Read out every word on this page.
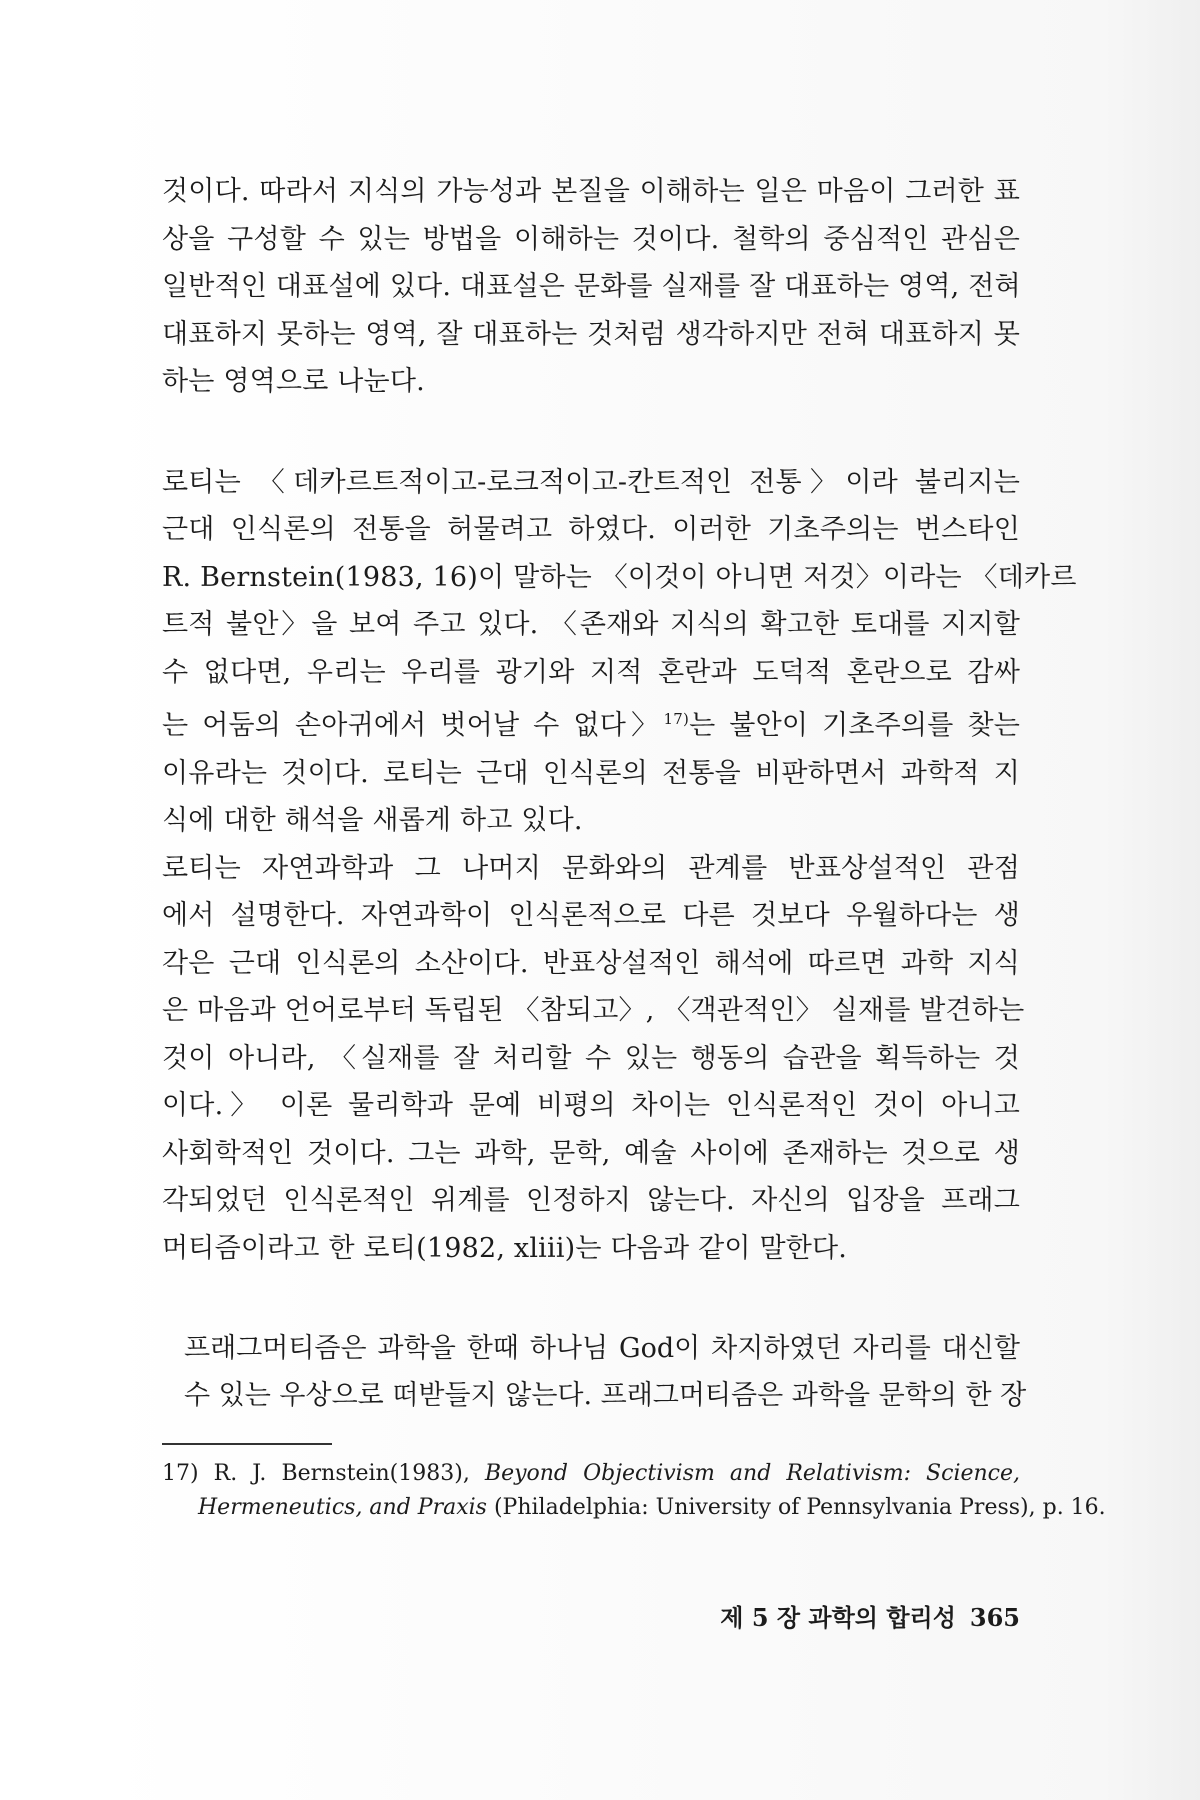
것이다. 따라서 지식의 가능성과 본질을 이해하는 일은 마음이 그러한 표

상을 구성할 수 있는 방법을 이해하는 것이다. 철학의 중심적인 관심은

일반적인 대표설에 있다. 대표설은 문화를 실재를 잘 대표하는 영역, 전혀

대표하지 못하는 영역, 잘 대표하는 것처럼 생각하지만 전혀 대표하지 못

하는 영역으로 나눈다.

로티는 〈데카르트적이고-로크적이고-칸트적인 전통〉이라 불리지는

근대 인식론의 전통을 허물려고 하였다. 이러한 기초주의는 번스타인

R. Bernstein(1983, 16)이 말하는 〈이것이 아니면 저것〉이라는 〈데카르

트적 불안〉을 보여 주고 있다. 〈존재와 지식의 확고한 토대를 지지할

수 없다면, 우리는 우리를 광기와 지적 혼란과 도덕적 혼란으로 감싸

는 어둠의 손아귀에서 벗어날 수 없다〉$^{17)}$는 불안이 기초주의를 찾는

이유라는 것이다. 로티는 근대 인식론의 전통을 비판하면서 과학적 지

식에 대한 해석을 새롭게 하고 있다.

로티는 자연과학과 그 나머지 문화와의 관계를 반표상설적인 관점

에서 설명한다. 자연과학이 인식론적으로 다른 것보다 우월하다는 생

각은 근대 인식론의 소산이다. 반표상설적인 해석에 따르면 과학 지식

은 마음과 언어로부터 독립된 〈참되고〉, 〈객관적인〉 실재를 발견하는

것이 아니라, 〈실재를 잘 처리할 수 있는 행동의 습관을 획득하는 것

이다.〉 이론 물리학과 문예 비평의 차이는 인식론적인 것이 아니고

사회학적인 것이다. 그는 과학, 문학, 예술 사이에 존재하는 것으로 생

각되었던 인식론적인 위계를 인정하지 않는다. 자신의 입장을 프래그

머티즘이라고 한 로티(1982, xliii)는 다음과 같이 말한다.

프래그머티즘은 과학을 한때 하나님 God이 차지하였던 자리를 대신할

수 있는 우상으로 떠받들지 않는다. 프래그머티즘은 과학을 문학의 한 장

17) R. J. Bernstein(1983), Beyond Objectivism and Relativism: Science,

Hermeneutics, and Praxis (Philadelphia: University of Pennsylvania Press), p. 16.

제 5 장 과학의 합리성 365
